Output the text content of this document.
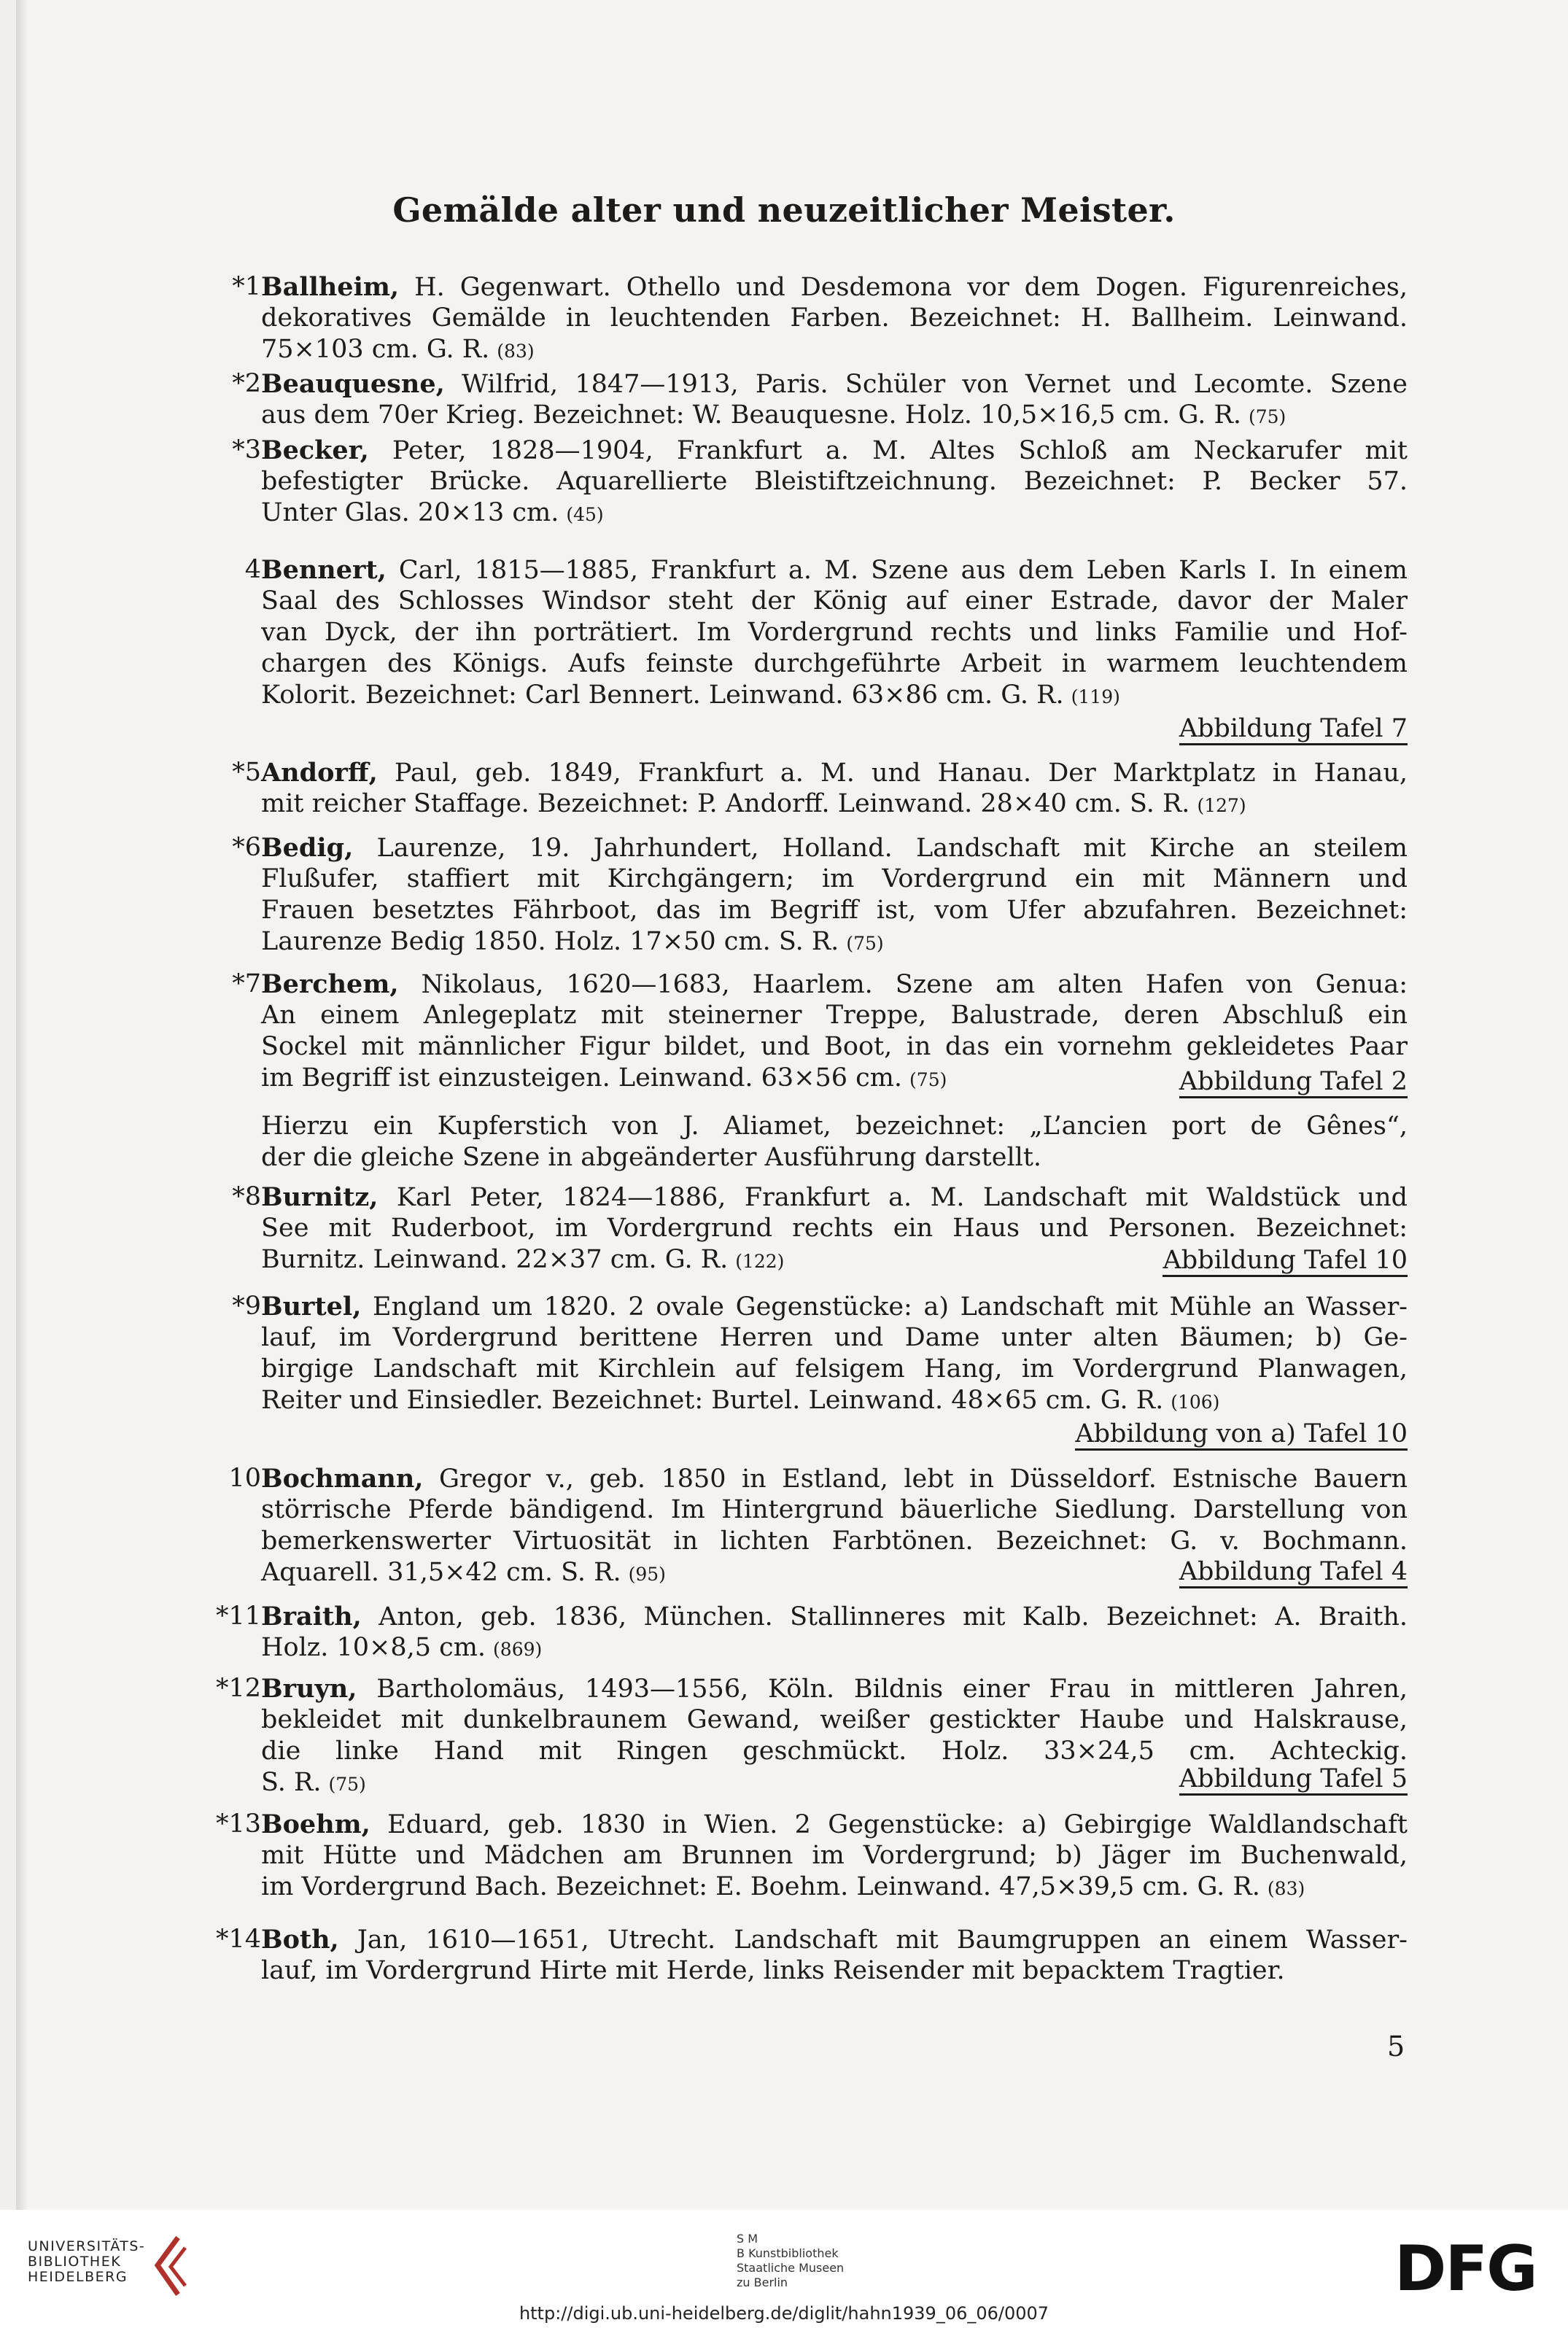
Gemälde alter und neuzeitlicher Meister.
*1 Ballheim, H. Gegenwart. Othello und Desdemona vor dem Dogen. Figurenreiches,
dekoratives Gemälde in leuchtenden Farben. Bezeichnet: H. Ballheim. Leinwand.
75×103 cm. G. R. (83)
*2 Beauquesne, Wilfrid, 1847—1913, Paris. Schüler von Vernet und Lecomte. Szene
aus dem 70er Krieg. Bezeichnet: W. Beauquesne. Holz. 10,5×16,5 cm. G. R. (75)
*3 Becker, Peter, 1828—1904, Frankfurt a. M. Altes Schloß am Neckarufer mit
befestigter Brücke. Aquarellierte Bleistiftzeichnung. Bezeichnet: P. Becker 57.
Unter Glas. 20×13 cm. (45)
4 Bennert, Carl, 1815—1885, Frankfurt a. M. Szene aus dem Leben Karls I. In einem
Saal des Schlosses Windsor steht der König auf einer Estrade, davor der Maler
van Dyck, der ihn porträtiert. Im Vordergrund rechts und links Familie und Hof-
chargen des Königs. Aufs feinste durchgeführte Arbeit in warmem leuchtendem
Kolorit. Bezeichnet: Carl Bennert. Leinwand. 63×86 cm. G. R. (119)
Abbildung Tafel 7
*5 Andorff, Paul, geb. 1849, Frankfurt a. M. und Hanau. Der Marktplatz in Hanau,
mit reicher Staffage. Bezeichnet: P. Andorff. Leinwand. 28×40 cm. S. R. (127)
*6 Bedig, Laurenze, 19. Jahrhundert, Holland. Landschaft mit Kirche an steilem
Flußufer, staffiert mit Kirchgängern; im Vordergrund ein mit Männern und
Frauen besetztes Fährboot, das im Begriff ist, vom Ufer abzufahren. Bezeichnet:
Laurenze Bedig 1850. Holz. 17×50 cm. S. R. (75)
*7 Berchem, Nikolaus, 1620—1683, Haarlem. Szene am alten Hafen von Genua:
An einem Anlegeplatz mit steinerner Treppe, Balustrade, deren Abschluß ein
Sockel mit männlicher Figur bildet, und Boot, in das ein vornehm gekleidetes Paar
im Begriff ist einzusteigen. Leinwand. 63×56 cm. (75)	Abbildung Tafel 2
Hierzu ein Kupferstich von J. Aliamet, bezeichnet: „L’ancien port de Gênes“,
der die gleiche Szene in abgeänderter Ausführung darstellt.
*8 Burnitz, Karl Peter, 1824—1886, Frankfurt a. M. Landschaft mit Waldstück und
See mit Ruderboot, im Vordergrund rechts ein Haus und Personen. Bezeichnet:
Burnitz. Leinwand. 22×37 cm. G. R. (122)	Abbildung Tafel 10
*9 Burtel, England um 1820. 2 ovale Gegenstücke: a) Landschaft mit Mühle an Wasser-
lauf, im Vordergrund berittene Herren und Dame unter alten Bäumen; b) Ge-
birgige Landschaft mit Kirchlein auf felsigem Hang, im Vordergrund Planwagen,
Reiter und Einsiedler. Bezeichnet: Burtel. Leinwand. 48×65 cm. G. R. (106)
Abbildung von a) Tafel 10
10 Bochmann, Gregor v., geb. 1850 in Estland, lebt in Düsseldorf. Estnische Bauern
störrische Pferde bändigend. Im Hintergrund bäuerliche Siedlung. Darstellung von
bemerkenswerter Virtuosität in lichten Farbtönen. Bezeichnet: G. v. Bochmann.
Aquarell. 31,5×42 cm. S. R. (95)	Abbildung Tafel 4
*11 Braith, Anton, geb. 1836, München. Stallinneres mit Kalb. Bezeichnet: A. Braith.
Holz. 10×8,5 cm. (869)
*12 Bruyn, Bartholomäus, 1493—1556, Köln. Bildnis einer Frau in mittleren Jahren,
bekleidet mit dunkelbraunem Gewand, weißer gestickter Haube und Halskrause,
die linke Hand mit Ringen geschmückt. Holz. 33×24,5 cm. Achteckig.
S. R. (75)	Abbildung Tafel 5
*13 Boehm, Eduard, geb. 1830 in Wien. 2 Gegenstücke: a) Gebirgige Waldlandschaft
mit Hütte und Mädchen am Brunnen im Vordergrund; b) Jäger im Buchenwald,
im Vordergrund Bach. Bezeichnet: E. Boehm. Leinwand. 47,5×39,5 cm. G. R. (83)
*14 Both, Jan, 1610—1651, Utrecht. Landschaft mit Baumgruppen an einem Wasser-
lauf, im Vordergrund Hirte mit Herde, links Reisender mit bepacktem Tragtier.
5
UNIVERSITÄTS-
BIBLIOTHEK
HEIDELBERG
S M
B Kunstbibliothek
Staatliche Museen
zu Berlin	DFG
http://digi.ub.uni-heidelberg.de/diglit/hahn1939_06_06/0007
